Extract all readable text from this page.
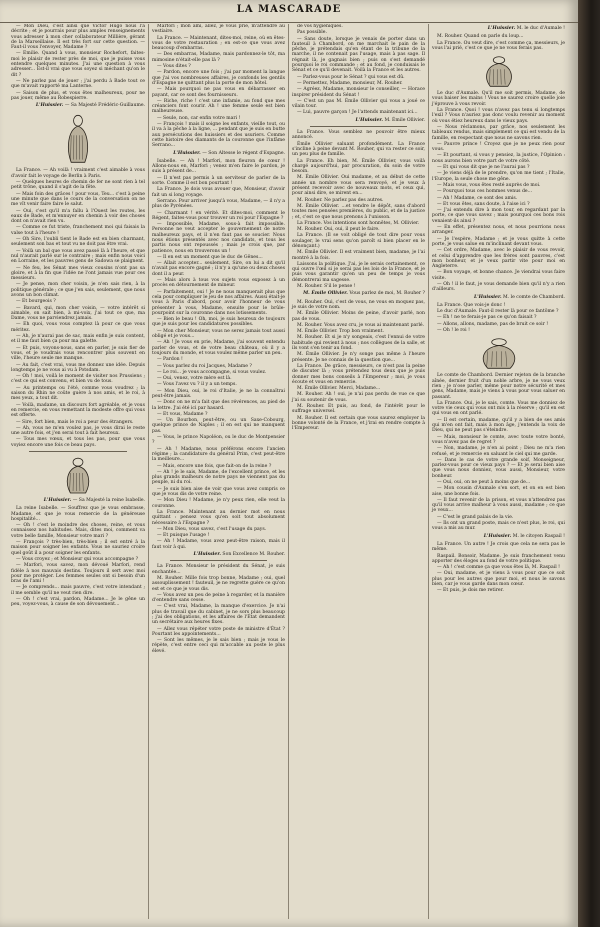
LA MASCARADE

— Mon Dieu, c'est ainsi que Victor Hugo nous l'a décrite ; et je pourrais pour plus amples renseignements vous adresser à mon cher collaborateur Millière, gérant de la Marseillaise. Il est très fort sur cette question. — Faut-il vous l'envoyer, Madame ?

— Emilie. Quand à vous, monsieur Rochefort, faites-moi le plaisir de rester près de moi, que je puisse vous entendre quelques minutes. J'ai une question à vous adresser... Est-il vrai que vous soyez si méchant qu'on le dit ?

— Ne parlez pas de jouer ; j'ai perdu à Bade tout ce que m'avait rapporté ma Lanterne.

— Saison de plus, et vous êtes malheureux, pour ne pas jouer, même au Robespierre.

L'Huissier. — Sa Majesté Frédéric-Guillaume.

La France. — Ah voilà ! vraiment c'est aimable à vous d'avoir fait le voyage de Berlin à Paris.

— Quelques heures de chemin de fer ne sont rien à tel petit trône, quand il s'agit de la fête.

— Mais foin des grâces ! pour vous, Teu... c'est à peine une minute que dans le cours de la conversation on ne me vît venir faire faire le salut.

— Oui, c'est qu'il m'a fallu à l'Ouest les routes, les eaux de Bade, et m'ennuyer en chemin à voir des choses dont on n'avait rien vu.

— Comme ce fut triste, franchement moi qui faisais la valse tout à l'heure !

— Oh Sire, l'oubli tient le Bade est en bien charmant, seulement son bas et tout vu ne doit pas être vrai.

— Voilà un bal que vous avez passé là à l'heure, et que nul n'aurait parlé sur le contraire ; mais enfin nous voici en Lorraine, et les pauvres gens de Sadowa se plaignent.

— Ne feu, les Sénat mes vieux cousins n'ont pas sa gloire, et à la fin que l'idée ne l'ont jamais vue pour ces messieurs.

— Je pense, mon cher voisin, je n'en sais rien, à la politique générale ; ce que j'en sais, seulement, que nous avons un bon climat.

— Et bourgeois ?

— Bavard, qui, mon cher voisin, — votre intérêt si aimable, on sait bien, à mi-voix, j'ai tout ce que, ma Dame, vous ne parviendrez jamais.

— Eh quoi, vous vous comptez là pour ce que vous méritez.

— Ah, je n'aurai pas de sac, mais enfin je suis content, et il me faut bien ça pour ma galette.

— Et puis, voyons-nous, sans en parler, je suis fier de vous, et je voudrais vous rencontrer plus souvent en ville, l'heure seule me manque.

— Au fait, c'est vrai, vous me donnez une idée. Depuis longtemps je ne vous ai vu à Potsdam.

— Oh ! moi, voilà le moment de visiter nos Prussiens ; c'est ce qui est convenu, et bien vu de tous.

— Au printemps ou l'été, comme vous voudrez ; la saison du Rhin ne coûte guère à nos amis, et le roi, à mes yeux, a tout dit.

— Voilà, madame, un discours fort agréable, et je vous en remercie, en vous remettant la modeste offre qui vous est offerte.

— Sire, fort bien, mais le roi a peur des étrangers.

— Ah, vous ne m'en voulez pas, je vous dirai le reste une autre fois, et j'en serai tout à fait heureux.

— Tous mes vœux, et tous les pas, pour que vous voyiez encore une fois ce beau pays.

L'Huissier. — Sa Majesté la reine Isabelle.

La reine Isabelle. — Souffrez que je vous embrasse, Madame, et que je vous remercie de la généreuse hospitalité...

— Oh ! c'est le moindre des choses, reine, et vous connaissez nos habitudes. Mais, dites moi, comment va votre belle famille, Monsieur votre mari ?

— François ? très-bien, très-bien ; il est entré à la maison pour soigner les enfants. Vous ne sauriez croire quel goût il a pour soigner les enfants.

— Vous croyez ; et Monsieur qui vous accompagne ?

— Marfori, vous savez, mon dévoué Marfori, rend fidèle à nos mauvais destins. Toujours il sert avec moi pour me protéger. Les femmes seules ont si besoin d'un bras de l'ami !

— Je comprends... mais pauvre, c'est votre intendant ; il me semble qu'il ne veut rien dire.

— Oh ! c'est vrai, pardon, Madame... Je le gêne un peu, voyez-vous, à cause de son dévouement...

Marfori ; mon ami, allez, je vous prie, m'attendre au vestiaire.

La France. — Maintenant, dites-moi, reine, où en êtes-vous de votre restauration ; en est-ce que vous avez beaucoup d'embarras.

— Des embarras, Madame, mais pardonnez-le tôt, ma mimosine n'était-elle pas là ?

— Vous dites ?

— Pardon, encore une fois ; j'ai par moment la langue que j'ai vos nombreuses affaires, je confonds les gentils d'Espagne ne quittant plus la porte de mon hôtel.

— Mais pourquoi ne pas vous en débarrasser en payant, car ce sont des fournisseurs.

— Riche, riche ! c'est une infamie, au fond que mes créanciers font courir. Ah ! une femme seule est bien malheureuse.

— Seule, non, car enfin votre mari !

— François ! mais il soigne les enfants, vieille tout, ou il va à la pêche à la ligne, ... pendant que je suis en butte aux persécutions des huissiers et des usuriers. Comme cette histoire des diamants de la couronne que l'infâme Serrano...

L'Huissier. — Son Altesse le régent d'Espagne.

Isabelle. — Ah ! Marfori, mon fleuron de cœur ! Allons-nous en, Marfori ; venez m'en faire le pardon, je suis à présent de...

— Il n'est pas permis à un serviteur de parler de la sorte. Comme il est bon pourtant !

La France. Je dois vous avouer que, Monsieur, d'avoir fait un si long voyage.

Serrano. Pour arriver jusqu'à vous, Madame, — il n'y a plus de Pyrénées.

— Charmant ! en vérité. Et dites-moi, comment le Régent, faites-vous pour trouver un roi pour l'Espagne ?

— Impossible, Madame, sous-à fait impossible. Personne ne veut accepter le gouvernement de notre malheureux pays, et il n'en faut pas se soucier. Nous nous étions présentés avec nos candidats, et tous les partis nous ont repoussés ; mais je crois que, par patience, nous en trouverons un !

— Il en est un moment que le duc de Gênes...

— Allait accepter... seulement, Sire, on lui a dit qu'il n'avait pas encore gagné ; il n'y a qu'une ou deux choses dont il a peur.

— Mais alors à tous vos sujets vous exposez à un procès en détournement de mineur.

— Parfaitement, oui ! Je ne nous manquerait plus que cela pour compliquer le jeu de nos affaires. Aussi était-je vous à Paris d'abord, pour avoir l'honneur de vous présenter à vous, Madame, ensuite pour le brûle-pourpoint sur la couronne dans nos lotissements.

— Bien le beau ! Oh, moi, je suis heureux de toujours que je suis pour les candidatures possibles.

— Mon cher Monsieur, vous ne serez jamais tout aussi obligé et je vous...

— Ah ! Je vous en prie, Madame, j'ai souvent entendu parler de vous, et de votre beau château, où il y a toujours du monde, et vous voulez même parler un peu.

— Pardon !

— Vous parlez du roi Jacques, Madame ?

— Le roi... je vous accompagne, si vous voulez.

— Oui, venez, votre mère est là.

— Vous l'avez vu ? il y a un temps.

— Mon Dieu, oui, le roi d'Italie, je ne la connaîtrai peut-être jamais.

— Donc on ne m'a fait que des révérences, au pied de la lettre. J'ai été ici par hasard.

— Et vous, Madame ?

— Un Bourbon, peut-être, ou un Saxe-Cobourg, quelque prince de Naples ; il en est qui ne manquent pas.

— Vous, le prince Napoléon, ou le duc de Montpensier ?

— Ah ! Madame, nous préférons encore l'ancien régime ; la candidature du général Prim, c'est peut-être la meilleure...

— Mais, encore une fois, que fait-on de la reine ?

— Ah ! je le sais, Madame, de l'excellent prince, et les plus grands malheurs de notre pays ne viennent pas du peuple, ni du roi.

— Je suis bien aise de voir que vous avez compris ce que je vous dis de votre reine.

— Mon Dieu ! Madame, je n'y peux rien, elle veut la couronne.

La France. Maintenant au dernier mot en nous quittant : pensez vous qu'en soit tout absolument nécessaire à l'Espagne ?

— Mon Dieu, vous savez, c'est l'usage du pays.

— Et puisque l'usage !

— Ah ! Madame, vous avez peut-être raison, mais il faut voir à qui.

L'Huissier. Son Excellence M. Rouher.

La France. Monsieur le président du Sénat, je suis enchantée...

M. Rouher. Mille fois trop bonne, Madame ; oui, quel assouplissement ! fauteuil, je ne regrette guère ce qu'on est et ce que je vous dis.

— Vous avez un peu de peine à regarder, et la manière d'entendre sans cesse.

— C'est vrai, Madame, la manque d'exercice. Je n'ai plus de travail que du cabinet, je ne sors plus beaucoup ; j'ai des obligations, et les affaires de l'État demandent un secrétaire aux heures fixes.

— Allez vous répéter votre poste de ministre d'État ? Pourtant les appointements...

— Sont les mêmes, je le sais bien ; mais je vous le répète, c'est entre ceci qui m'accable au poste le plus élevé.

de vos hygiéniques.

Pas possible.

— Sans doute, lorsque je venais de porter dans un fauteuil à Chambord, on me marchait le pain de la pêche, je prétendais qu'en étant de la tribune de la marche, il ne contenait pas l'usage, mais à pas sage. Il régnait là, je gagnais bien ; puis on s'est demandé pourquoi le roi commande ; et au fond, je conduisais le Sénat et ce qu'il devenait. Voilà la France et les autres.

— Parlez-vous pour le Sénat ? qui vous est dû.

— Permettez, Madame, monsieur, M. Rouher.

— Agréez, Madame, monsieur le conseiller, — Horace inspirer président du Sénat !

— C'est un pas M. Émile Ollivier qui vous a joué ce vilain tour.

— Lui, pauvre garçon ! Je l'attends maintenant ici...

L'Huissier. M. Émile Ollivier.

La France. Vous semblez ne pouvoir être mieux annoncé.

Émile Ollivier saluant profondément. La France s'incline à peine devant M. Rouher, qui va rester ce soir, un peu plus de famille.

La France. Eh bien, M. Émile Ollivier, vous voilà chargé aujourd'hui, par procuration, du soin de votre besoin.

M. Émile Ollivier. Oui madame, et au début de cette année un nombre vous sera renvoyé, et je veux à présent recevoir avec de nouveaux mots, et ceux qui, pour ainsi dire, se mirent en...

M. Rouher. Ne parlez pas des autres.

M. Émile Ollivier. ...et vendre le dépôt, sans d'abord toutes mes pensées premières, du public, et de la justice ; et, c'est ce que nous prenons à l'unisson.

La France. Vos intentions sont honnêtes, M. Ollivier.

M. Rouher. Oui, oui, il peut le faire.

La France. (Il se voit obligé de tout dire pour vous soulager, le vrai sens qu'on paroît si bien placer en le dénonçant.)

M. Émile Ollivier. Il est vraiment bien, madame, je l'ai montré à la fois.

Laissons la politique. J'ai, je le serais certainement, ce qui ouvre l'œil si je serai pas les lois de la France, et je puis vous garantir qu'en un peu de temps je vous démontrerai ma sagesse.

M. Rouher. S'il le pense !

M. Émile Ollivier. Vous parlez de moi, M. Rouher ?

M. Rouher. Oui, c'est de vous, ne vous en moquez pas, je suis de votre nom.

M. Émile Ollivier. Moins de peine, d'avoir parlé, non pas de vous.

M. Rouher. Vous avez cru, je vous ai maintenant parlé.

M. Émile Ollivier. Trop bon vraiment.

M. Rouher. Et si je n'y songeais, c'est l'ennui de votre habitude qui revient à nous ; nos collègues de la salle, et ils vont s'en tenir au fond.

M. Émile Ollivier. Je n'y songe pas même à l'heure présente. Je ne connais de la question que...

La France. De grâce, messieurs, ce n'est pas la peine de discuter là ; vous prétendez tous deux que je puis donner mes bons conseils à l'Empereur ; moi, je vous écoute et vous en remercie.

M. Émile Ollivier. Merci, Madame...

M. Rouher. Ah ! oui, je n'ai pas perdu de vue ce que j'ai su soutenir de vous.

M. Rouher. Et puis, au fond, de l'intérêt pour le suffrage universel.

M. Rouher. Il est certain que vous saurez employer la bonne volonté de la France, et j'irai en rendre compte à l'Empereur.

L'Huissier. M. le duc d'Aumale !

M. Rouher. Quand on parle du loup...

La France. Ou veut dire, c'est comme ça, messieurs, je vous l'ai prié, c'est ce que je ne vous ferais pas.

Le duc d'Aumale. Qu'il me soit permis, Madame, de vous baiser les mains ! Vous ne saurez croire quelle joie j'éprouve à vous revoir.

La France. Quoi ! vous n'avez pas tenu si longtemps l'exil ? Vous n'auriez pas donc voulu revenir au moment où vous étiez heureux dans le vieux pays.

— Nous réclamons, par grâce, nos seulement les tableaux rendus, mais simplement ce qui est vendu de la famille, en respectant que nous ne savons rien.

— Pauvre prince ! Croyez que je ne peux rien pour vous.

— Et pourtant, si vous y pensiez, la justice, l'Opinion : nous aurons bien votre part de votre côté.

— Et qui vous dit que je ne l'aurai pas ?

— Je viens déjà de le prendre, qu'on me tient ; l'Italie, l'Europe, la seule chose me gêne.

— Mais vous, vous êtes resté auprès de moi.

— Pourquoi tous ces hommes venus de...

— Ah ! Madame, ce sont des amis.

— Et vous êtes, sans doute, à l'aise ici ?

— J'ai entendu dire à mon tour, en regardant par la porte, ce que vous savez ; mais pourquoi ces bons rois venaient-ils ainsi ?

— En effet, présentez nous, et nous pourrions nous arranger.

— Je l'espère, Madame ; et je vous quitte à cette porte, je vous salue en m'inclinant devant vous.

— Cet ordre, Madame, avec le plaisir de vous revoir, et celui d'apprendre que les frères sont pauvres, c'est mon bonheur, et je veux partir vite pour moi en Angleterre.

— Bon voyage, et bonne chance. Je viendrai vous faire visite.

— Oh ! il le faut, je vous demande bien qu'il n'y a rien d'ailleurs.

L'Huissier. M. le comte de Chambord.

La France. Que vois-je donc !

Le duc d'Aumale. Faut-il rester là pour ce fantôme ?

— Eh ! ne te ferais-je pas ce qu'on faisait ?

— Allons, allons, madame, pas de bruit ce soir !

— Oh ! le roi !

Le comte de Chambord. Dernier rejeton de la branche aînée, dernier fruit d'un noble arbre, je ne vous veux rien ; je n'ose parler, même pour notre sécurité et mes gens, Madame, mais je viens à vous pour vous saluer en passant.

La France. Oui, je le sais, comte. Vous me donniez de votre vie ceux qui vous ont mis à la réserve ; qu'il en est qui vous en ont parlé.

— Il est certain, madame, qu'il y a bien de ses amis qui m'en ont fait, mais à mon âge, j'entends la voix de Dieu, qui ne peut pas s'éteindre.

— Mais, monsieur le comte, avec toute votre bonté, vous n'avez pas de regret ?

— Non, madame, je n'en ai point ; Dieu ne m'a rien refusé, et je remercie en saluant le ciel qui me garde.

— Dans le cas de votre grande soif, Monseigneur, parlez-vous pour ce vieux pays ? — Et je serai bien aise que vous nous donniez, vous aussi, Monsieur, votre bonheur.

— Oui, oui, on ne peut à moins que de...

— Mon cousin d'Aumale s'en sort, et on en est bien aise, une bonne fois.

— Il faut revenir de la prison, et vous n'attendrez pas qu'il vous arrive malheur à vous aussi, madame ; ce que je veux...

— C'est le grand palais de la vie.

— Ils ont un grand poste, mais ce n'est plus, le roi, qui vous a mis au mur.

L'Huissier. M. le citoyen Raspail !

La France. Un autre ! Je crois que cela ne sera pas le même.

Raspail. Bonsoir, Madame. Je suis franchement venu apporter des éloges au fond de votre politique.

— Ah ! c'est comme ça que vous êtes là, M. Raspail !

— Oui, madame, et je viens à vous pour que ce soit plus pour les autres que pour moi, et nous le savons bien, car je vous garde dans mon cœur.

— Et puis, je dois me retirer.
